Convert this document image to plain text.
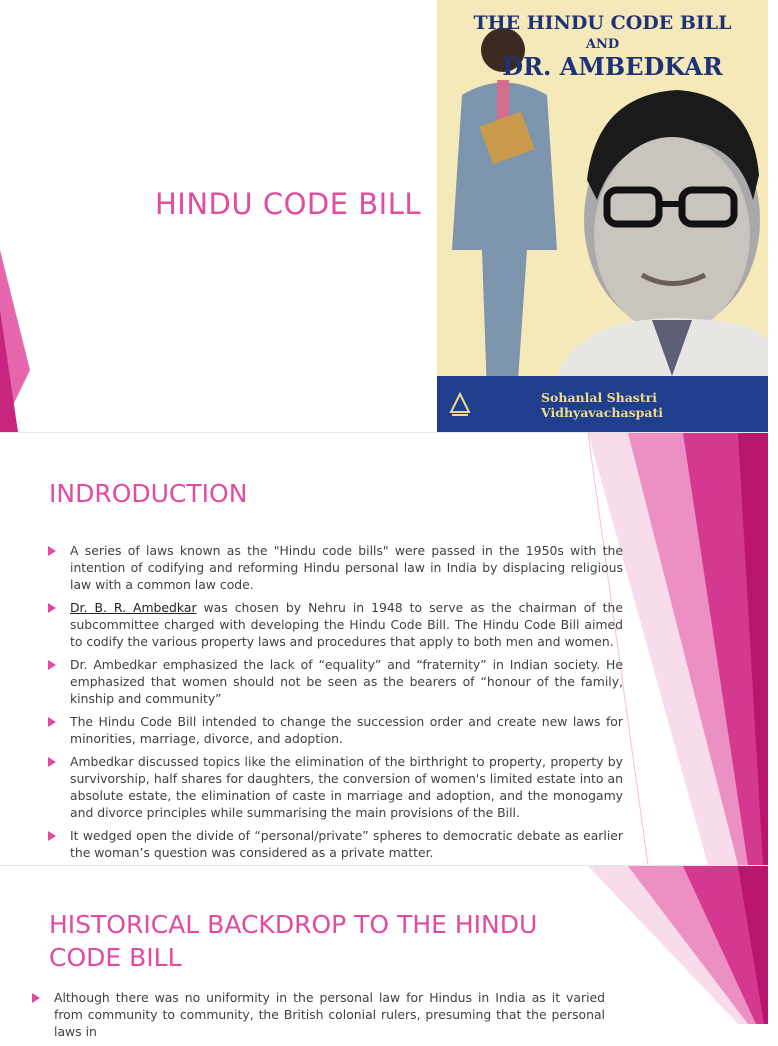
HINDU CODE BILL
THE HINDU CODE BILL
AND
DR. AMBEDKAR
Sohanlal Shastri Vidhyavachaspati
INDRODUCTION
A series of laws known as the "Hindu code bills" were passed in the 1950s with the intention of codifying and reforming Hindu personal law in India by displacing religious law with a common law code.
Dr. B. R. Ambedkar was chosen by Nehru in 1948 to serve as the chairman of the subcommittee charged with developing the Hindu Code Bill. The Hindu Code Bill aimed to codify the various property laws and procedures that apply to both men and women.
Dr. Ambedkar emphasized the lack of “equality” and “fraternity” in Indian society. He emphasized that women should not be seen as the bearers of “honour of the family, kinship and community”
The Hindu Code Bill intended to change the succession order and create new laws for minorities, marriage, divorce, and adoption.
Ambedkar discussed topics like the elimination of the birthright to property, property by survivorship, half shares for daughters, the conversion of women's limited estate into an absolute estate, the elimination of caste in marriage and adoption, and the monogamy and divorce principles while summarising the main provisions of the Bill.
It wedged open the divide of “personal/private” spheres to democratic debate as earlier the woman’s question was considered as a private matter.
HISTORICAL BACKDROP TO THE HINDU
CODE BILL
Although there was no uniformity in the personal law for Hindus in India as it varied from community to community, the British colonial rulers, presuming that the personal laws in
